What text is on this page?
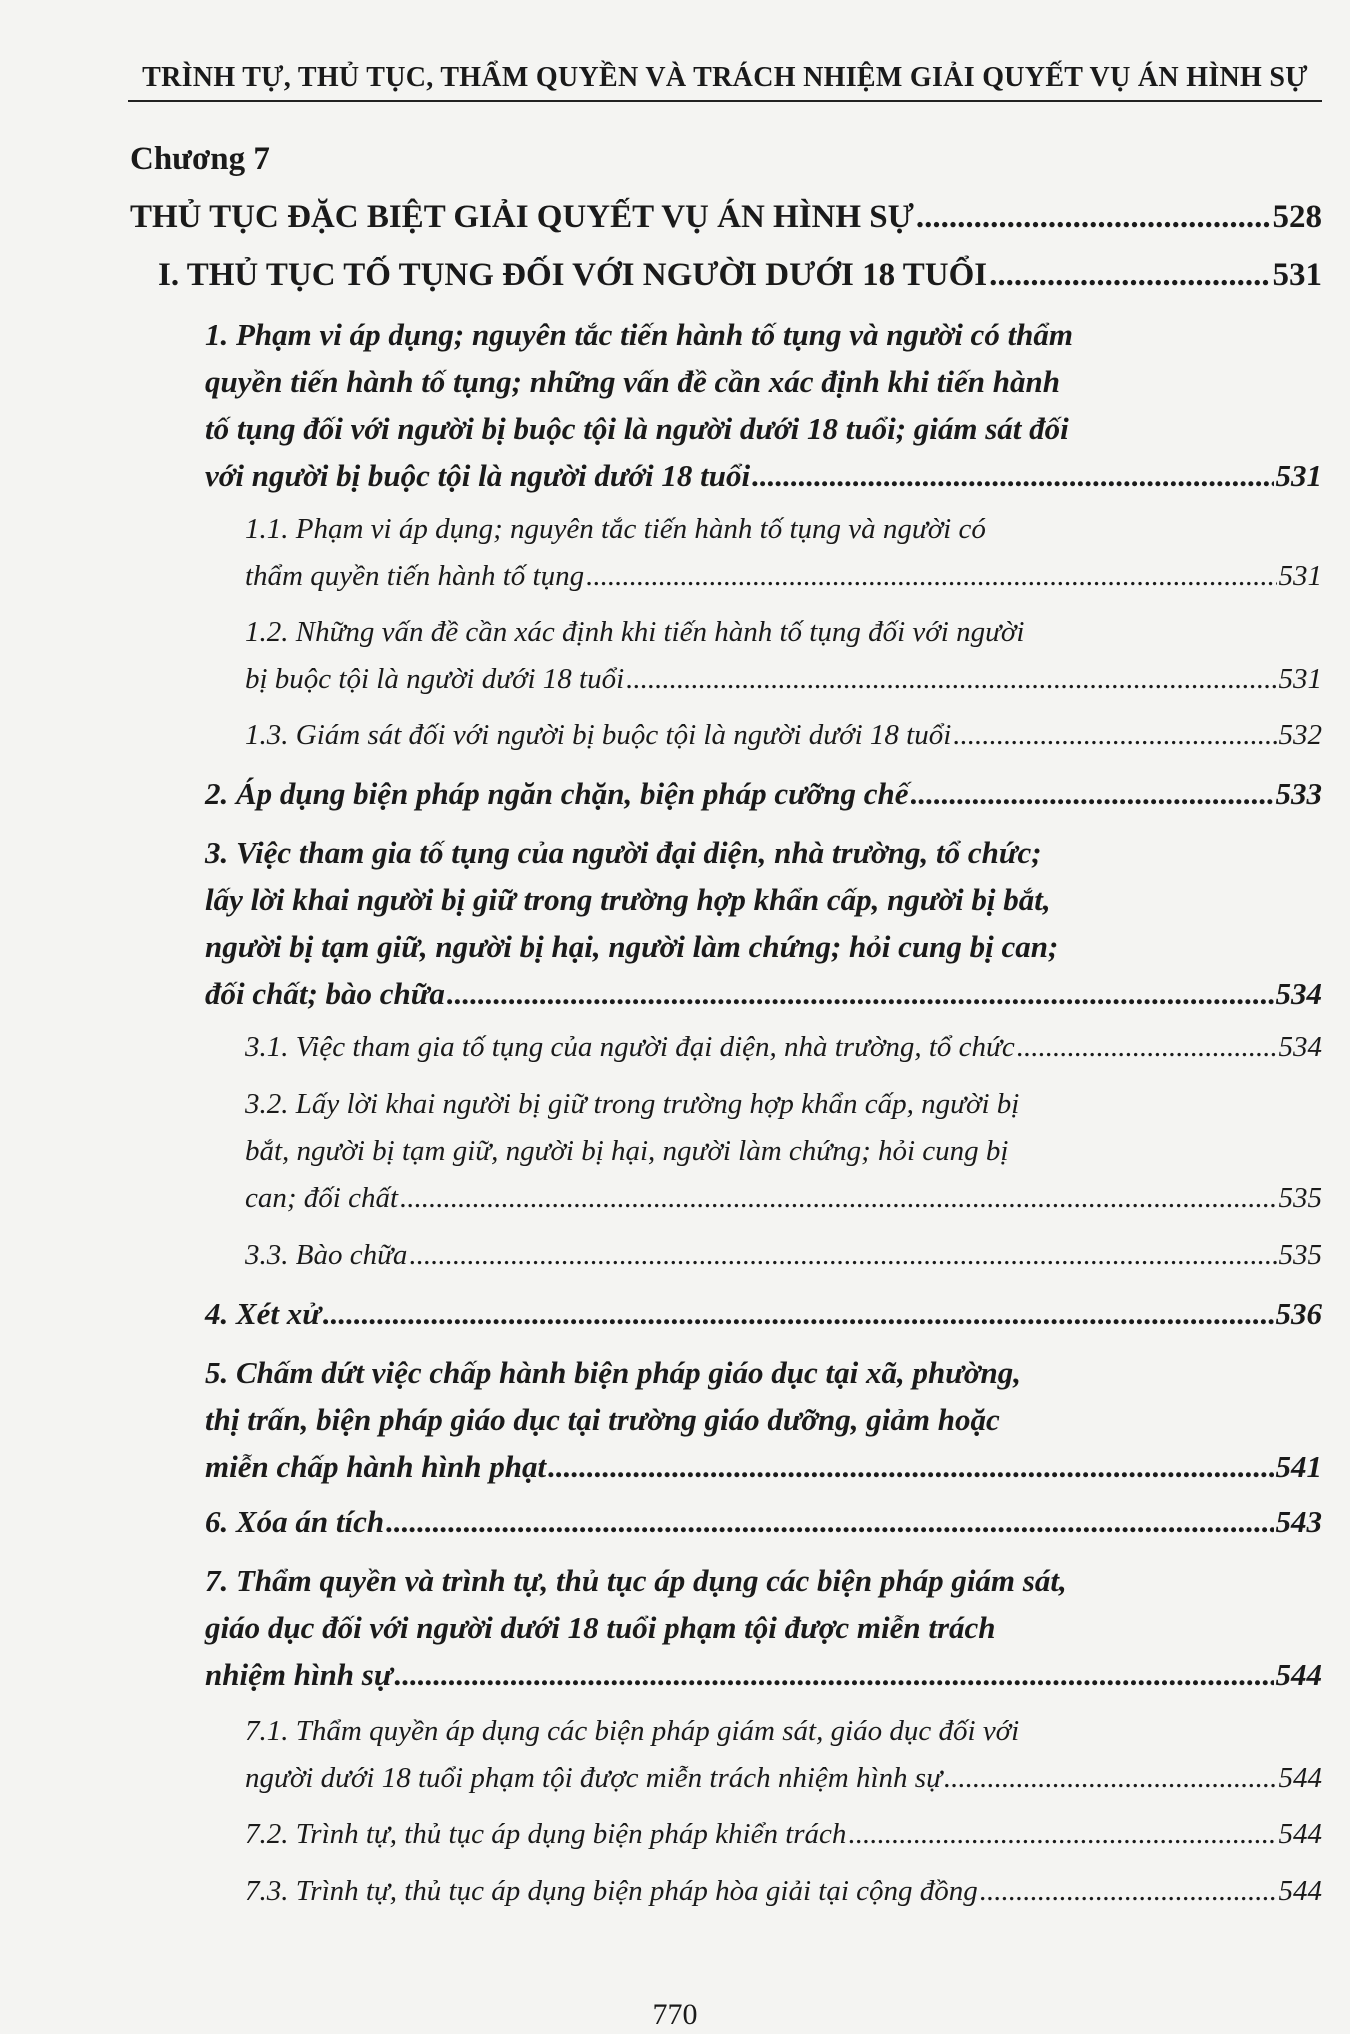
TRÌNH TỰ, THỦ TỤC, THẨM QUYỀN VÀ TRÁCH NHIỆM GIẢI QUYẾT VỤ ÁN HÌNH SỰ
Chương 7
THỦ TỤC ĐẶC BIỆT GIẢI QUYẾT VỤ ÁN HÌNH SỰ .....	528
I. THỦ TỤC TỐ TỤNG ĐỐI VỚI NGƯỜI DƯỚI 18 TUỔI .....	531
1. Phạm vi áp dụng; nguyên tắc tiến hành tố tụng và người có thẩm
quyền tiến hành tố tụng; những vấn đề cần xác định khi tiến hành
tố tụng đối với người bị buộc tội là người dưới 18 tuổi; giám sát đối
với người bị buộc tội là người dưới 18 tuổi .....	531
1.1. Phạm vi áp dụng; nguyên tắc tiến hành tố tụng và người có
thẩm quyền tiến hành tố tụng .....	531
1.2. Những vấn đề cần xác định khi tiến hành tố tụng đối với người
bị buộc tội là người dưới 18 tuổi .....	531
1.3. Giám sát đối với người bị buộc tội là người dưới 18 tuổi .....	532
2. Áp dụng biện pháp ngăn chặn, biện pháp cưỡng chế .....	533
3. Việc tham gia tố tụng của người đại diện, nhà trường, tổ chức;
lấy lời khai người bị giữ trong trường hợp khẩn cấp, người bị bắt,
người bị tạm giữ, người bị hại, người làm chứng; hỏi cung bị can;
đối chất; bào chữa .....	534
3.1. Việc tham gia tố tụng của người đại diện, nhà trường, tổ chức .....	534
3.2. Lấy lời khai người bị giữ trong trường hợp khẩn cấp, người bị
bắt, người bị tạm giữ, người bị hại, người làm chứng; hỏi cung bị
can; đối chất .....	535
3.3. Bào chữa .....	535
4. Xét xử .....	536
5. Chấm dứt việc chấp hành biện pháp giáo dục tại xã, phường,
thị trấn, biện pháp giáo dục tại trường giáo dưỡng, giảm hoặc
miễn chấp hành hình phạt .....	541
6. Xóa án tích .....	543
7. Thẩm quyền và trình tự, thủ tục áp dụng các biện pháp giám sát,
giáo dục đối với người dưới 18 tuổi phạm tội được miễn trách
nhiệm hình sự .....	544
7.1. Thẩm quyền áp dụng các biện pháp giám sát, giáo dục đối với
người dưới 18 tuổi phạm tội được miễn trách nhiệm hình sự .....	544
7.2. Trình tự, thủ tục áp dụng biện pháp khiển trách .....	544
7.3. Trình tự, thủ tục áp dụng biện pháp hòa giải tại cộng đồng .....	544
770
